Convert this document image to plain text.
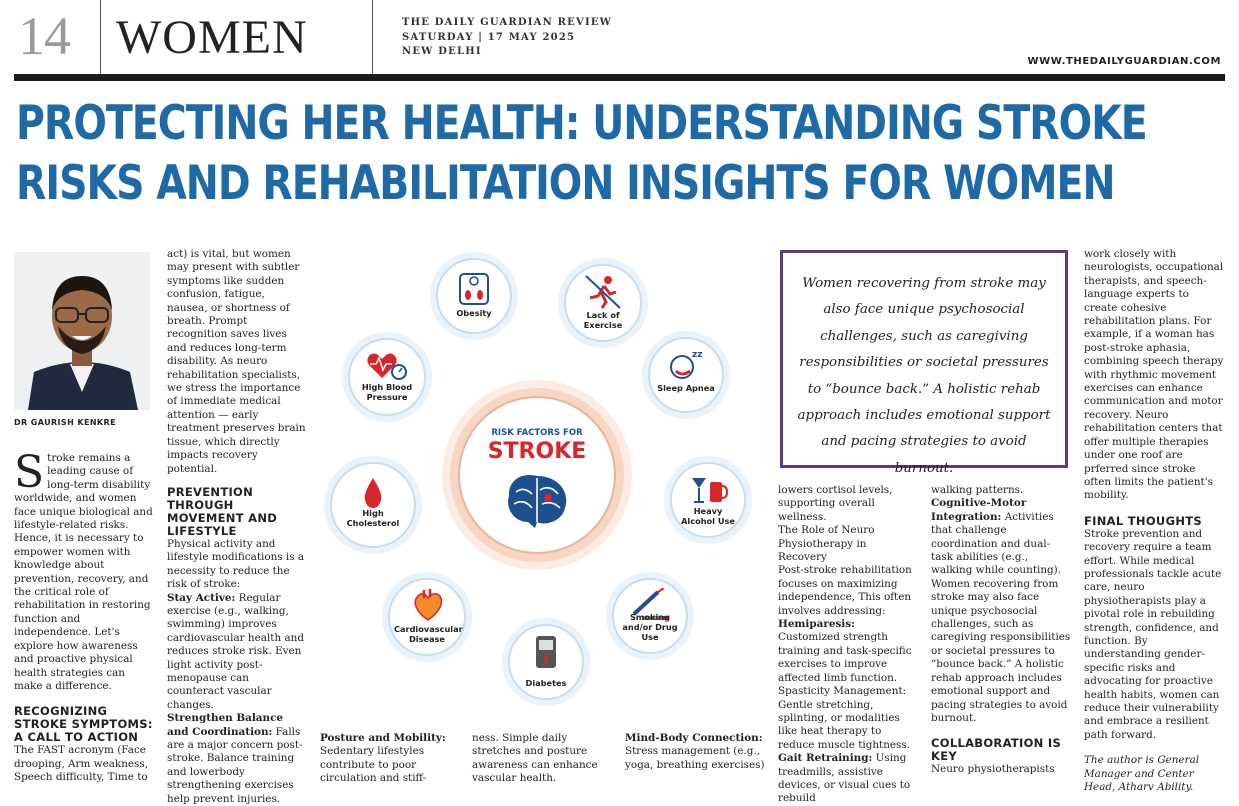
14 WOMEN	THE DAILY GUARDIAN REVIEW
SATURDAY | 17 MAY 2025
NEW DELHI
WWW.THEDAILYGUARDIAN.COM
PROTECTING HER HEALTH: UNDERSTANDING STROKE
RISKS AND REHABILITATION INSIGHTS FOR WOMEN
DR GAURISH KENKRE

Stroke remains a leading cause of long-term disability worldwide, and women face unique biological and lifestyle-related risks. Hence, it is necessary to empower women with knowledge about prevention, recovery, and the critical role of rehabilitation in restoring function and independence. Let's explore how awareness and proactive physical health strategies can make a difference.

RECOGNIZING STROKE SYMPTOMS: A CALL TO ACTION

The FAST acronym (Face drooping, Arm weakness, Speech difficulty, Time to

act) is vital, but women may present with subtler symptoms like sudden confusion, fatigue, nausea, or shortness of breath. Prompt recognition saves lives and reduces long-term disability. As neuro rehabilitation specialists, we stress the importance of immediate medical attention — early treatment preserves brain tissue, which directly impacts recovery potential.

PREVENTION THROUGH MOVEMENT AND LIFESTYLE

Physical activity and lifestyle modifications is a necessity to reduce the risk of stroke:

Stay Active: Regular exercise (e.g., walking, swimming) improves cardiovascular health and reduces stroke risk. Even light activity post-menopause can counteract vascular changes.

Strengthen Balance and Coordination: Falls are a major concern post-stroke. Balance training and lowerbody strengthening exercises help prevent injuries.

RISK FACTORS FOR
STROKE
Obesity	Lack of Exercise
High Blood Pressure
zz
Sleep Apnea
Heavy Alcohol Use
Smoking and/or Drug Use
Diabetes
Cardiovascular Disease
High Cholesterol

Posture and Mobility: Sedentary lifestyles contribute to poor circulation and stiff-

ness. Simple daily stretches and posture awareness can enhance vascular health.

Mind-Body Connection: Stress management (e.g., yoga, breathing exercises)

Women recovering from stroke may also face unique psychosocial challenges, such as caregiving responsibilities or societal pressures to “bounce back.” A holistic rehab approach includes emotional support and pacing strategies to avoid burnout.

lowers cortisol levels, supporting overall wellness.

The Role of Neuro Physiotherapy in Recovery

Post-stroke rehabilitation focuses on maximizing independence, This often involves addressing:

Hemiparesis: Customized strength training and task-specific exercises to improve affected limb function.

Spasticity Management: Gentle stretching, splinting, or modalities like heat therapy to reduce muscle tightness.

Gait Retraining: Using treadmills, assistive devices, or visual cues to rebuild

walking patterns.

Cognitive-Motor Integration: Activities that challenge coordination and dual-task abilities (e.g., walking while counting).

Women recovering from stroke may also face unique psychosocial challenges, such as caregiving responsibilities or societal pressures to “bounce back.” A holistic rehab approach includes emotional support and pacing strategies to avoid burnout.

COLLABORATION IS KEY

Neuro physiotherapists

work closely with neurologists, occupational therapists, and speech-language experts to create cohesive rehabilitation plans. For example, if a woman has post-stroke aphasia, combining speech therapy with rhythmic movement exercises can enhance communication and motor recovery. Neuro rehabilitation centers that offer multiple therapies under one roof are prferred since stroke often limits the patient's mobility.

FINAL THOUGHTS

Stroke prevention and recovery require a team effort. While medical professionals tackle acute care, neuro physiotherapists play a pivotal role in rebuilding strength, confidence, and function. By understanding gender-specific risks and advocating for proactive health habits, women can reduce their vulnerability and embrace a resilient path forward.

The author is General Manager and Center Head, Atharv Ability.
